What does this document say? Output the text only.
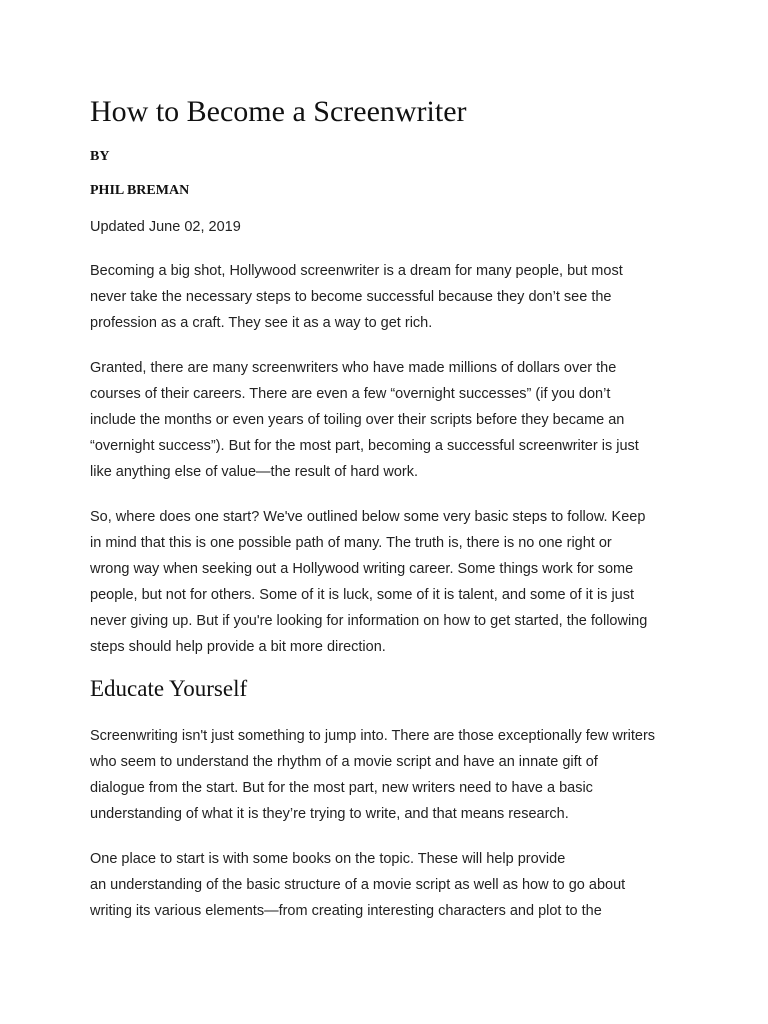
How to Become a Screenwriter
BY
PHIL BREMAN
Updated June 02, 2019
Becoming a big shot, Hollywood screenwriter is a dream for many people, but most
never take the necessary steps to become successful because they don’t see the
profession as a craft. They see it as a way to get rich.
Granted, there are many screenwriters who have made millions of dollars over the
courses of their careers. There are even a few “overnight successes” (if you don’t
include the months or even years of toiling over their scripts before they became an
“overnight success”). But for the most part, becoming a successful screenwriter is just
like anything else of value—the result of hard work.
So, where does one start? We've outlined below some very basic steps to follow. Keep
in mind that this is one possible path of many. The truth is, there is no one right or
wrong way when seeking out a Hollywood writing career. Some things work for some
people, but not for others. Some of it is luck, some of it is talent, and some of it is just
never giving up. But if you're looking for information on how to get started, the following
steps should help provide a bit more direction.
Educate Yourself
Screenwriting isn't just something to jump into. There are those exceptionally few writers
who seem to understand the rhythm of a movie script and have an innate gift of
dialogue from the start. But for the most part, new writers need to have a basic
understanding of what it is they’re trying to write, and that means research.
One place to start is with some books on the topic. These will help provide
an understanding of the basic structure of a movie script as well as how to go about
writing its various elements—from creating interesting characters and plot to the
